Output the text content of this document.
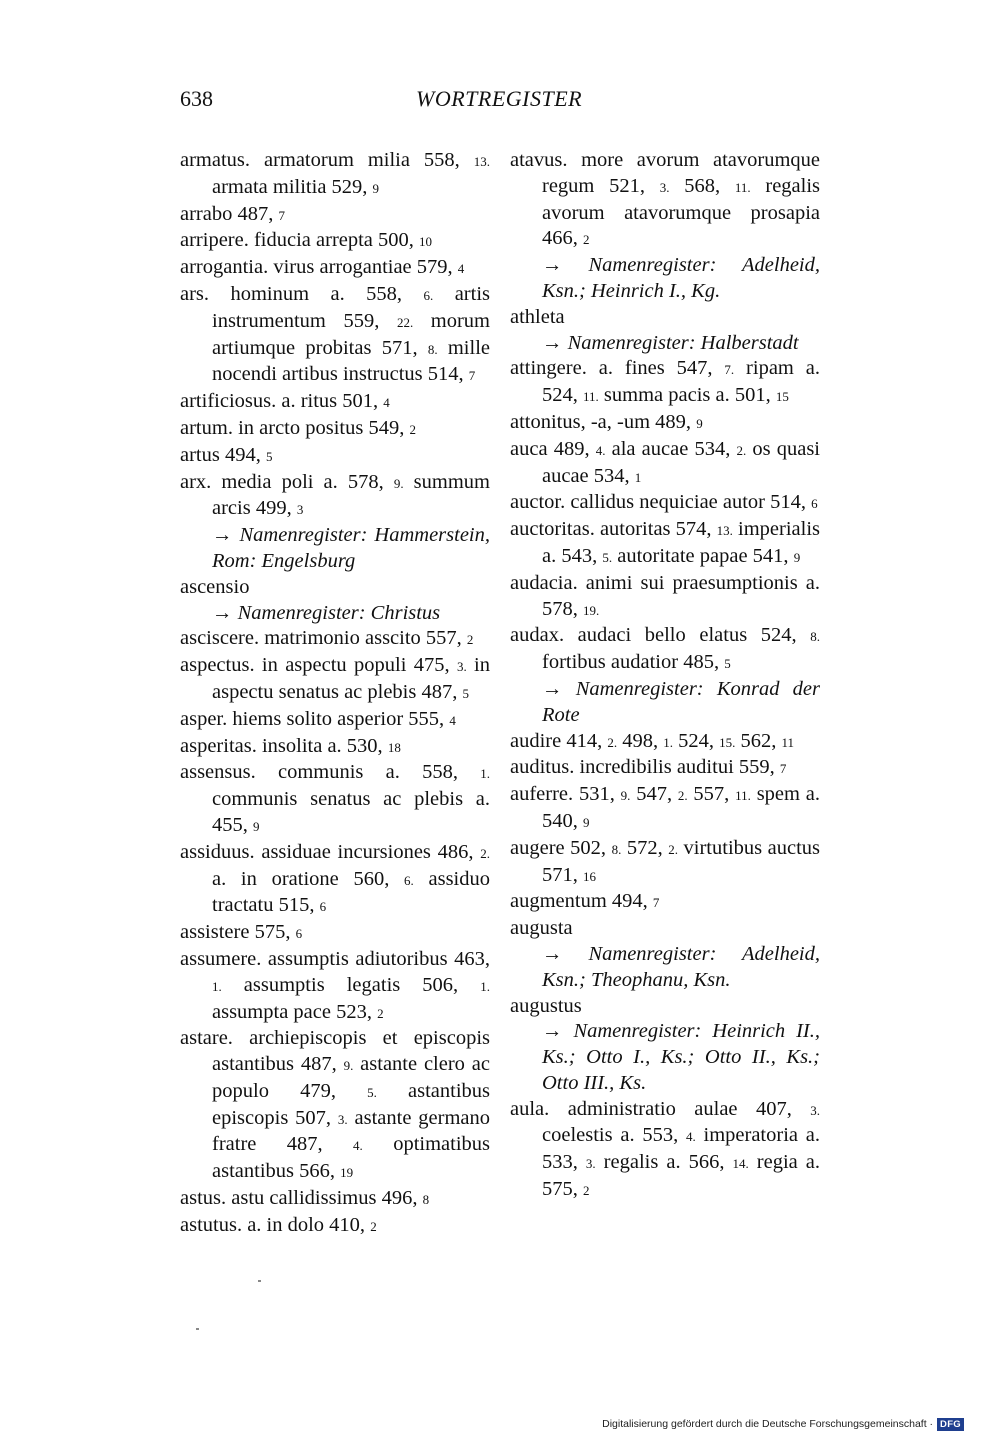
638	WORTREGISTER

armatus. armatorum milia 558, 13. armata militia 529, 9

arrabo 487, 7

arripere. fiducia arrepta 500, 10

arrogantia. virus arrogantiae 579, 4

ars. hominum a. 558, 6. artis instrumentum 559, 22. morum artiumque probitas 571, 8. mille nocendi artibus instructus 514, 7

artificiosus. a. ritus 501, 4

artum. in arcto positus 549, 2

artus 494, 5

arx. media poli a. 578, 9. summum arcis 499, 3
→ Namenregister: Hammerstein, Rom: Engelsburg

ascensio
→ Namenregister: Christus

asciscere. matrimonio asscito 557, 2

aspectus. in aspectu populi 475, 3. in aspectu senatus ac plebis 487, 5

asper. hiems solito asperior 555, 4

asperitas. insolita a. 530, 18

assensus. communis a. 558, 1. communis senatus ac plebis a. 455, 9

assiduus. assiduae incursiones 486, 2. a. in oratione 560, 6. assiduo tractatu 515, 6

assistere 575, 6

assumere. assumptis adiutoribus 463, 1. assumptis legatis 506, 1. assumpta pace 523, 2

astare. archiepiscopis et episcopis astantibus 487, 9. astante clero ac populo 479, 5. astantibus episcopis 507, 3. astante germano fratre 487, 4. optimatibus astantibus 566, 19

astus. astu callidissimus 496, 8

astutus. a. in dolo 410, 2

atavus. more avorum atavorumque regum 521, 3. 568, 11. regalis avorum atavorumque prosapia 466, 2
→ Namenregister: Adelheid, Ksn.; Heinrich I., Kg.

athleta
→ Namenregister: Halberstadt

attingere. a. fines 547, 7. ripam a. 524, 11. summa pacis a. 501, 15

attonitus, -a, -um 489, 9

auca 489, 4. ala aucae 534, 2. os quasi aucae 534, 1

auctor. callidus nequiciae autor 514, 6

auctoritas. autoritas 574, 13. imperialis a. 543, 5. autoritate papae 541, 9

audacia. animi sui praesumptionis a. 578, 19.

audax. audaci bello elatus 524, 8. fortibus audatior 485, 5
→ Namenregister: Konrad der Rote

audire 414, 2. 498, 1. 524, 15. 562, 11

auditus. incredibilis auditui 559, 7

auferre. 531, 9. 547, 2. 557, 11. spem a. 540, 9

augere 502, 8. 572, 2. virtutibus auctus 571, 16

augmentum 494, 7

augusta
→ Namenregister: Adelheid, Ksn.; Theophanu, Ksn.

augustus
→ Namenregister: Heinrich II., Ks.; Otto I., Ks.; Otto II., Ks.; Otto III., Ks.

aula. administratio aulae 407, 3. coelestis a. 553, 4. imperatoria a. 533, 3. regalis a. 566, 14. regia a. 575, 2

Digitalisierung gefördert durch die Deutsche Forschungsgemeinschaft · DFG
